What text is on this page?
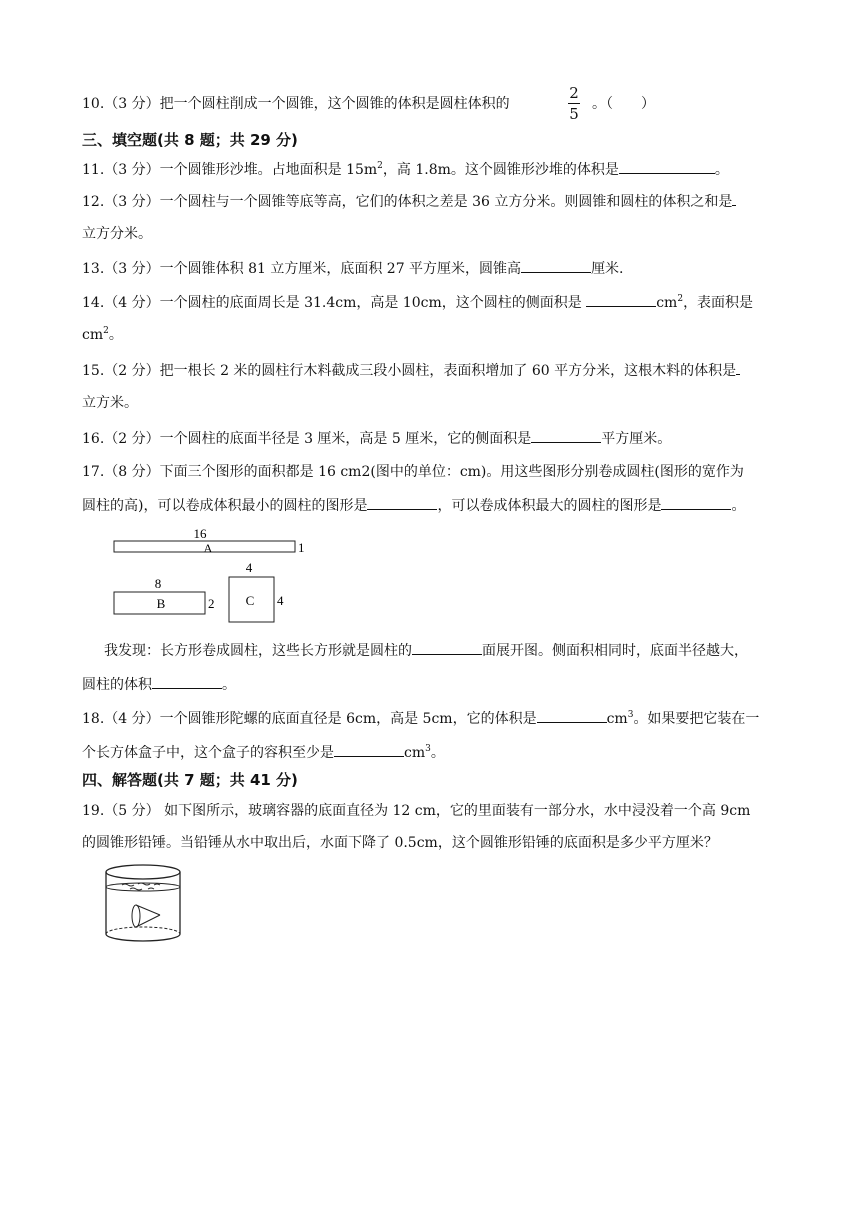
10.（3 分）把一个圆柱削成一个圆锥，这个圆锥的体积是圆柱体积的
2
5
。（　　）
三、填空题(共 8 题；共 29 分)
11.（3 分）一个圆锥形沙堆。占地面积是 $15m^2$，高 1.8m。这个圆锥形沙堆的体积是	。
12.（3 分）一个圆柱与一个圆锥等底等高，它们的体积之差是 36 立方分米。则圆锥和圆柱的体积之和是
立方分米。
13.（3 分）一个圆锥体积 81 立方厘米，底面积 27 平方厘米，圆锥高	厘米.
14.（4 分）一个圆柱的底面周长是 31.4cm，高是 10cm，这个圆柱的侧面积是	$cm^2$，表面积是
$cm^2$。
15.（2 分）把一根长 2 米的圆柱行木料截成三段小圆柱，表面积增加了 60 平方分米，这根木料的体积是
立方米。
16.（2 分）一个圆柱的底面半径是 3 厘米，高是 5 厘米，它的侧面积是	平方厘米。
17.（8 分）下面三个图形的面积都是 16 cm2(图中的单位：cm)。用这些图形分别卷成圆柱(图形的宽作为
圆柱的高)，可以卷成体积最小的圆柱的图形是	，可以卷成体积最大的圆柱的图形是	。
16
A	1
8
B	2
4
C 4
我发现：长方形卷成圆柱，这些长方形就是圆柱的	面展开图。侧面积相同时，底面半径越大，
圆柱的体积	。
18.（4 分）一个圆锥形陀螺的底面直径是 6cm，高是 5cm，它的体积是	$cm^3$。如果要把它装在一
个长方体盒子中，这个盒子的容积至少是	$cm^3$。
四、解答题(共 7 题；共 41 分)
19.（5 分） 如下图所示，玻璃容器的底面直径为 12 cm，它的里面装有一部分水，水中浸没着一个高 9cm
的圆锥形铅锤。当铅锤从水中取出后，水面下降了 0.5cm，这个圆锥形铅锤的底面积是多少平方厘米？
